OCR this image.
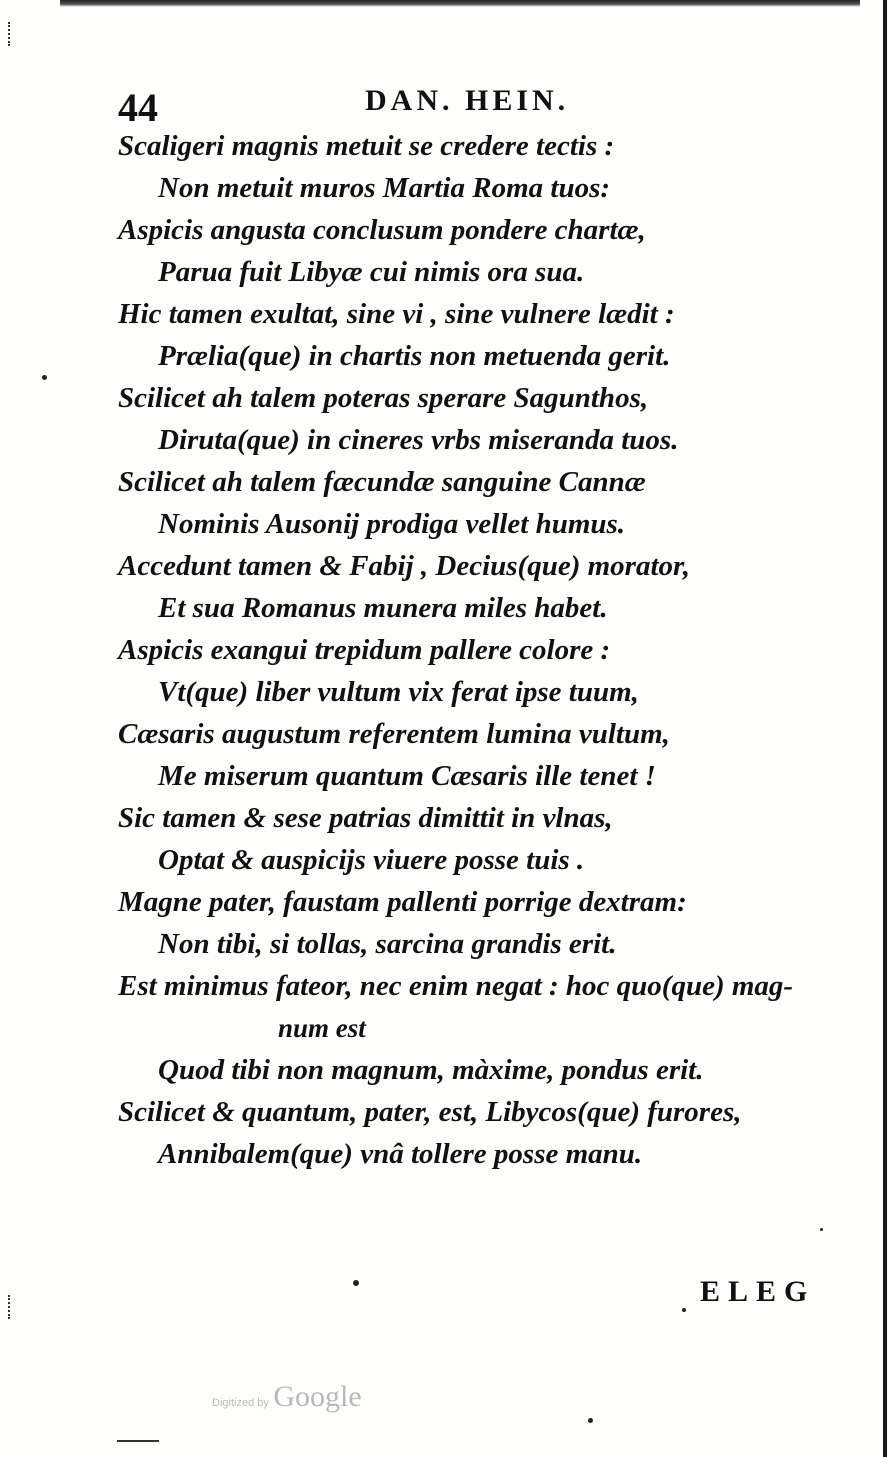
44	DAN. HEIN.
Scaligeri magnis metuit se credere tectis :
Non metuit muros Martia Roma tuos:
Aspicis angusta conclusum pondere chartæ,
Parua fuit Libyæ cui nimis ora sua.
Hic tamen exultat, sine vi , sine vulnere lædit :
Prælia(que) in chartis non metuenda gerit.
Scilicet ah talem poteras sperare Sagunthos,
Diruta(que) in cineres vrbs miseranda tuos.
Scilicet ah talem fæcundæ sanguine Cannæ
Nominis Ausonij prodiga vellet humus.
Accedunt tamen & Fabij , Decius(que) morator,
Et sua Romanus munera miles habet.
Aspicis exangui trepidum pallere colore :
Vt(que) liber vultum vix ferat ipse tuum,
Cæsaris augustum referentem lumina vultum,
Me miserum quantum Cæsaris ille tenet !
Sic tamen & sese patrias dimittit in vlnas,
Optat & auspicijs viuere posse tuis .
Magne pater, faustam pallenti porrige dextram:
Non tibi, si tollas, sarcina grandis erit.
Est minimus fateor, nec enim negat : hoc quo(que) mag-
num est
Quod tibi non magnum, màxime, pondus erit.
Scilicet & quantum, pater, est, Libycos(que) furores,
Annibalem(que) vnâ tollere posse manu.
ELEG
Digitized by Google
